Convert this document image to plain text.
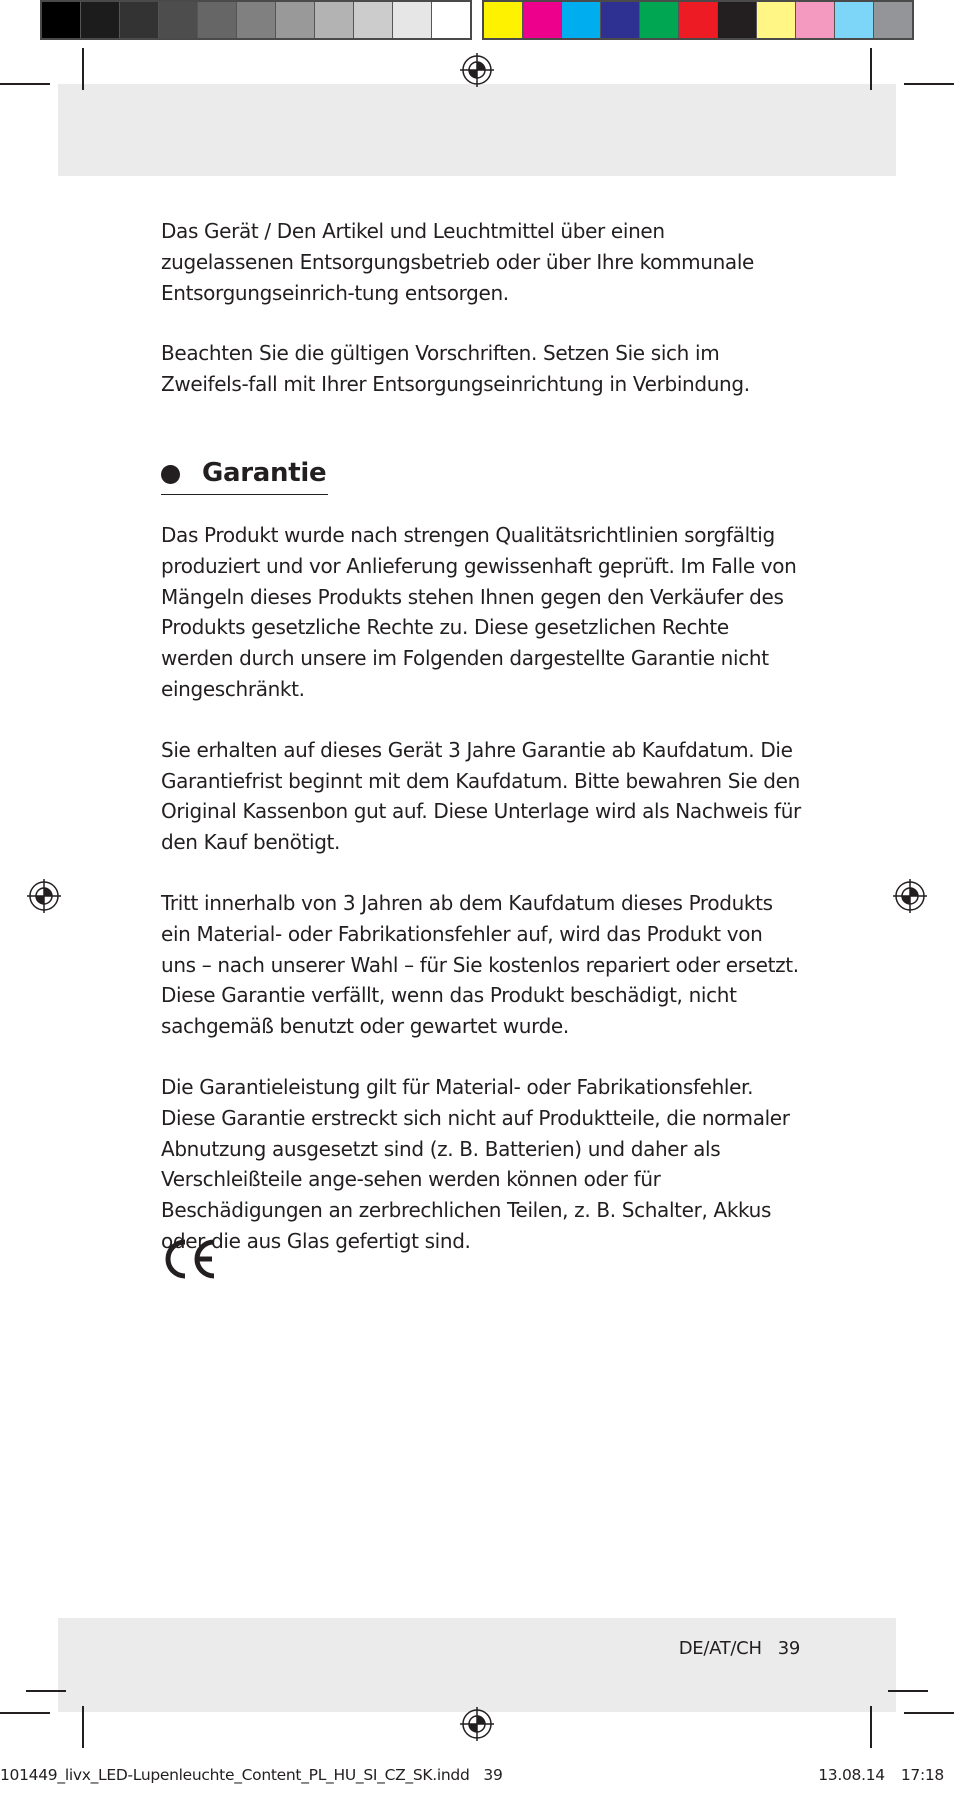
Das Gerät / Den Artikel und Leuchtmittel über einen zugelassenen Entsorgungsbetrieb oder über Ihre kommunale Entsorgungseinrich-tung entsorgen.

Beachten Sie die gültigen Vorschriften. Setzen Sie sich im Zweifels-fall mit Ihrer Entsorgungseinrichtung in Verbindung.

Garantie

Das Produkt wurde nach strengen Qualitätsrichtlinien sorgfältig produziert und vor Anlieferung gewissenhaft geprüft. Im Falle von Mängeln dieses Produkts stehen Ihnen gegen den Verkäufer des Produkts gesetzliche Rechte zu. Diese gesetzlichen Rechte werden durch unsere im Folgenden dargestellte Garantie nicht eingeschränkt.

Sie erhalten auf dieses Gerät 3 Jahre Garantie ab Kaufdatum. Die Garantiefrist beginnt mit dem Kaufdatum. Bitte bewahren Sie den Original Kassenbon gut auf. Diese Unterlage wird als Nachweis für den Kauf benötigt.

Tritt innerhalb von 3 Jahren ab dem Kaufdatum dieses Produkts ein Material- oder Fabrikationsfehler auf, wird das Produkt von uns – nach unserer Wahl – für Sie kostenlos repariert oder ersetzt. Diese Garantie verfällt, wenn das Produkt beschädigt, nicht sachgemäß benutzt oder gewartet wurde.

Die Garantieleistung gilt für Material- oder Fabrikationsfehler. Diese Garantie erstreckt sich nicht auf Produktteile, die normaler Abnutzung ausgesetzt sind (z. B. Batterien) und daher als Verschleißteile ange-sehen werden können oder für Beschädigungen an zerbrechlichen Teilen, z. B. Schalter, Akkus oder die aus Glas gefertigt sind.

DE/AT/CH 39
101449_livx_LED-Lupenleuchte_Content_PL_HU_SI_CZ_SK.indd 39	13.08.14 17:18
